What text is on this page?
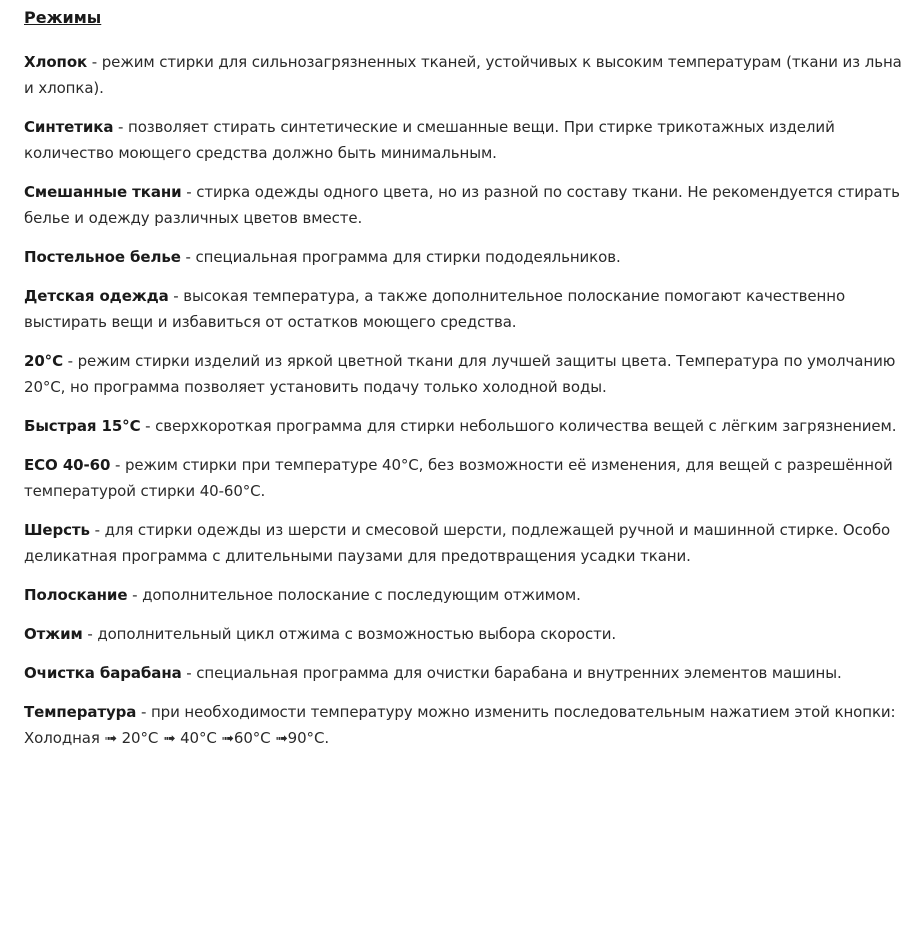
Режимы
Хлопок - режим стирки для сильнозагрязненных тканей, устойчивых к высоким температурам (ткани из льна и хлопка).
Синтетика - позволяет стирать синтетические и смешанные вещи. При стирке трикотажных изделий количество моющего средства должно быть минимальным.
Смешанные ткани - стирка одежды одного цвета, но из разной по составу ткани. Не рекомендуется стирать белье и одежду различных цветов вместе.
Постельное белье - специальная программа для стирки пододеяльников.
Детская одежда - высокая температура, а также дополнительное полоскание помогают качественно выстирать вещи и избавиться от остатков моющего средства.
20°C - режим стирки изделий из яркой цветной ткани для лучшей защиты цвета. Температура по умолчанию 20°C, но программа позволяет установить подачу только холодной воды.
Быстрая 15°C - сверхкороткая программа для стирки небольшого количества вещей с лёгким загрязнением.
ECO 40-60 - режим стирки при температуре 40°C, без возможности её изменения, для вещей с разрешённой температурой стирки 40-60°C.
Шерсть - для стирки одежды из шерсти и смесовой шерсти, подлежащей ручной и машинной стирке. Особо деликатная программа с длительными паузами для предотвращения усадки ткани.
Полоскание - дополнительное полоскание с последующим отжимом.
Отжим - дополнительный цикл отжима с возможностью выбора скорости.
Очистка барабана - специальная программа для очистки барабана и внутренних элементов машины.
Температура - при необходимости температуру можно изменить последовательным нажатием этой кнопки: Холодная ➟ 20°C ➟ 40°C ➟60°C ➟90°C.
